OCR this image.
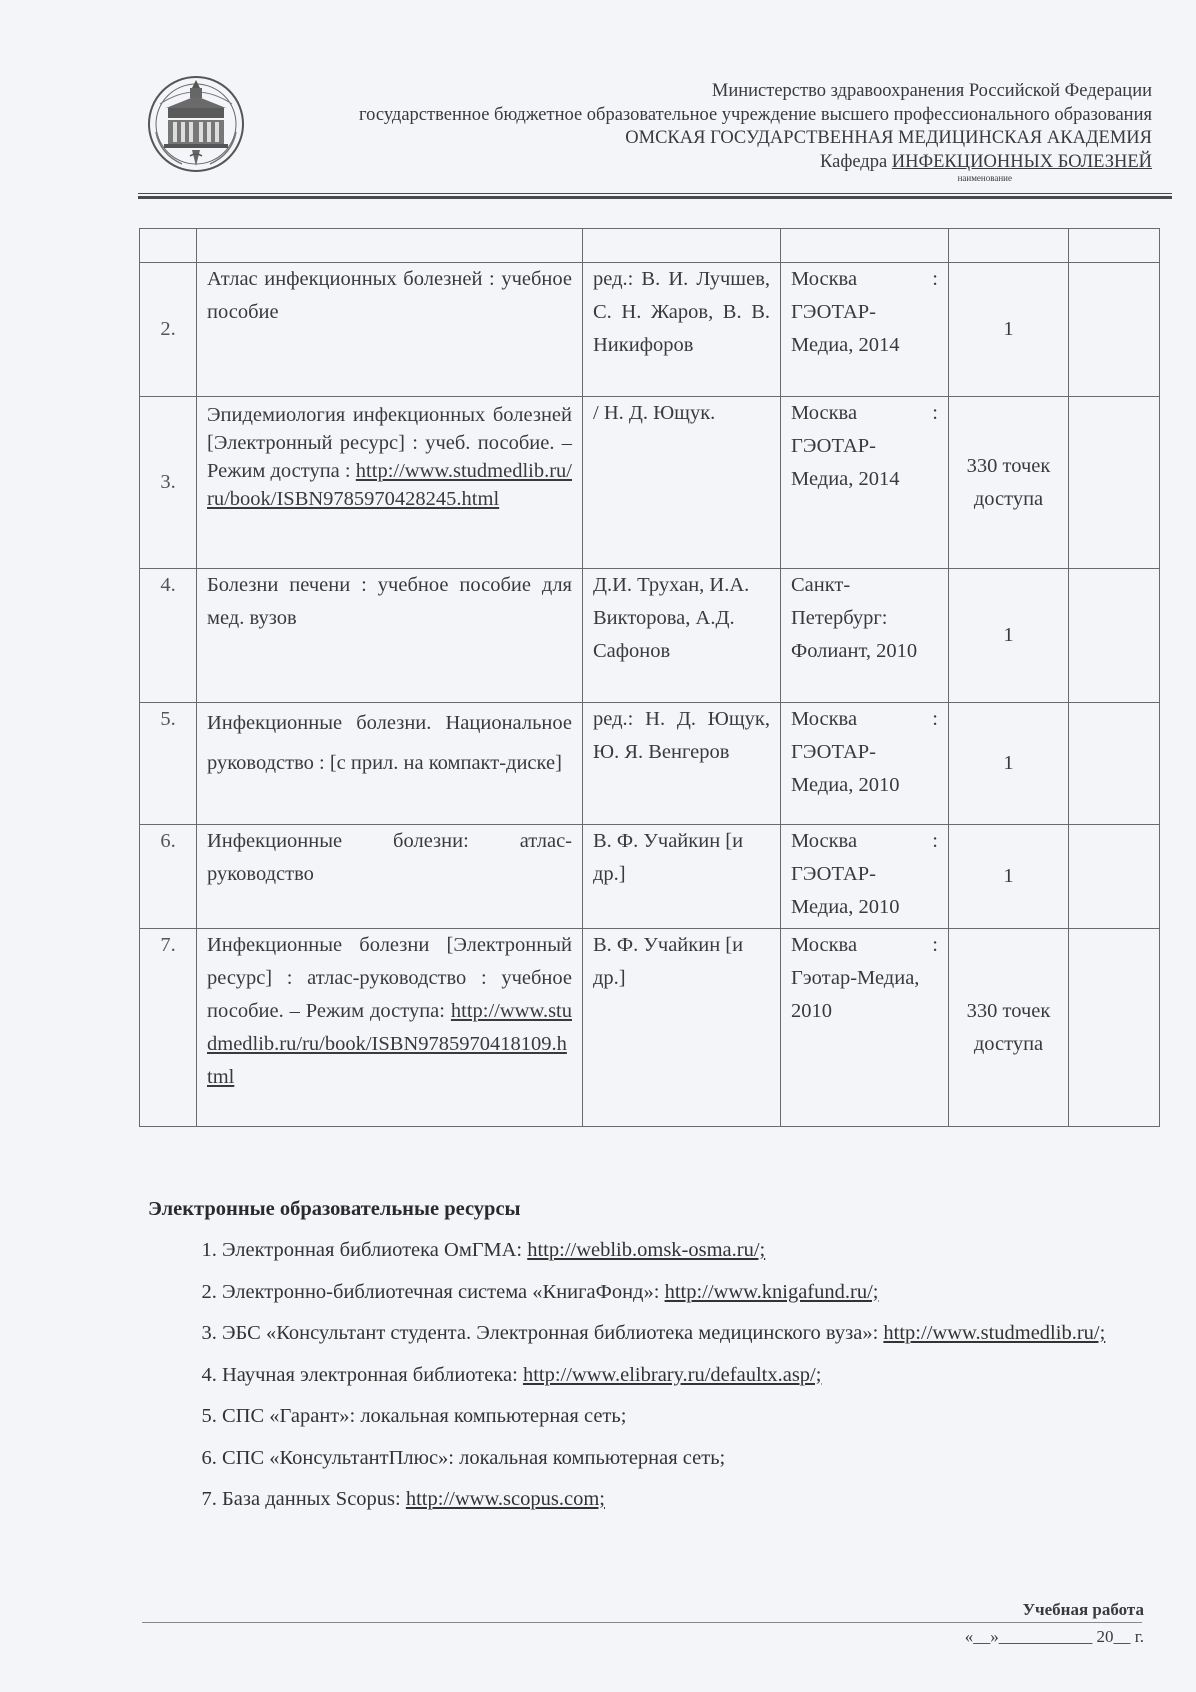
Министерство здравоохранения Российской Федерации
государственное бюджетное образовательное учреждение высшего профессионального образования
ОМСКАЯ ГОСУДАРСТВЕННАЯ МЕДИЦИНСКАЯ АКАДЕМИЯ
Кафедра ИНФЕКЦИОННЫХ БОЛЕЗНЕЙ
наименование

2.	Атлас инфекционных болезней : учебное пособие	ред.: В. И. Лучшев, С. Н. Жаров, В. В. Никифоров	Москва : ГЭОТАР-Медиа, 2014	1	
3.	Эпидемиология инфекционных болезней [Электронный ресурс] : учеб. пособие. – Режим доступа : http://www.studmedlib.ru/ru/book/ISBN9785970428245.html	/ Н. Д. Ющук.	Москва : ГЭОТАР-Медиа, 2014	330 точек доступа	
4.	Болезни печени : учебное пособие для мед. вузов	Д.И. Трухан, И.А. Викторова, А.Д. Сафонов	Санкт-Петербург: Фолиант, 2010	1	
5.	Инфекционные болезни. Национальное руководство : [с прил. на компакт-диске]	ред.: Н. Д. Ющук, Ю. Я. Венгеров	Москва : ГЭОТАР-Медиа, 2010	1	
6.	Инфекционные болезни: атлас-руководство	В. Ф. Учайкин [и др.]	Москва : ГЭОТАР-Медиа, 2010	1	
7.	Инфекционные болезни [Электронный ресурс] : атлас-руководство : учебное пособие. – Режим доступа: http://www.studmedlib.ru/ru/book/ISBN9785970418109.html	В. Ф. Учайкин [и др.]	Москва : Гэотар-Медиа, 2010	330 точек доступа	
Электронные образовательные ресурсы
1. Электронная библиотека ОмГМА: http://weblib.omsk-osma.ru/;
2. Электронно-библиотечная система «КнигаФонд»: http://www.knigafund.ru/;
3. ЭБС «Консультант студента. Электронная библиотека медицинского вуза»: http://www.studmedlib.ru/;
4. Научная электронная библиотека: http://www.elibrary.ru/defaultx.asp/;
5. СПС «Гарант»: локальная компьютерная сеть;
6. СПС «КонсультантПлюс»: локальная компьютерная сеть;
7. База данных Scopus: http://www.scopus.com;
Учебная работа
«__»___________ 20__ г.
